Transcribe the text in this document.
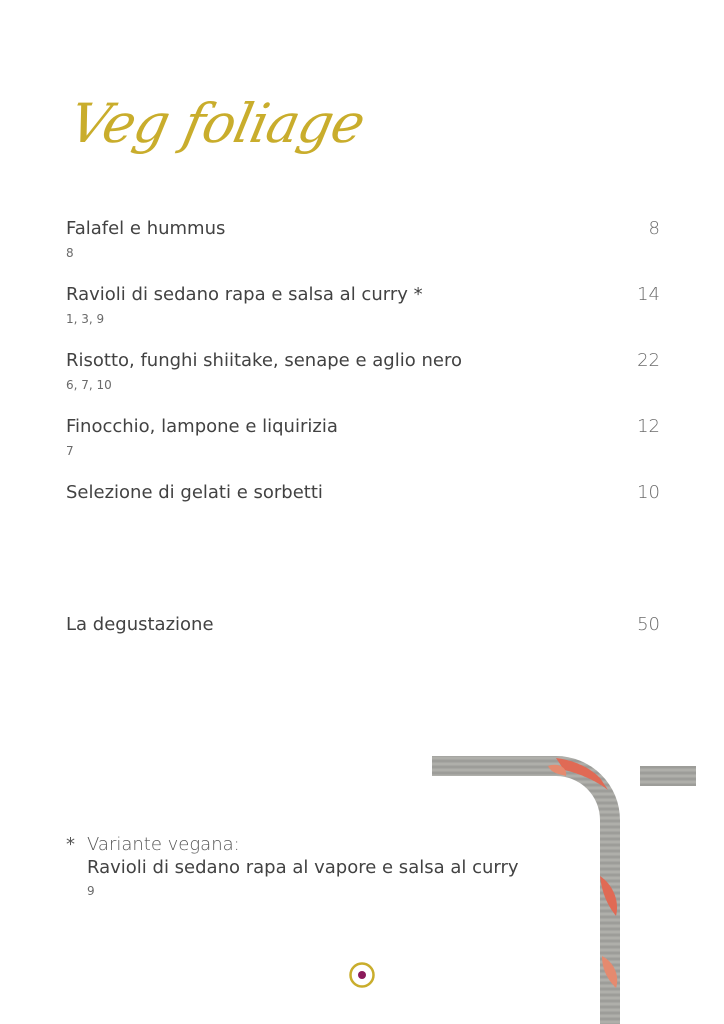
Veg foliage
Falafel e hummus	8
8
Ravioli di sedano rapa e salsa al curry *	14
1, 3, 9
Risotto, funghi shiitake, senape e aglio nero	22
6, 7, 10
Finocchio, lampone e liquirizia	12
7
Selezione di gelati e sorbetti	10
La degustazione	50
* Variante vegana:
Ravioli di sedano rapa al vapore e salsa al curry
9
